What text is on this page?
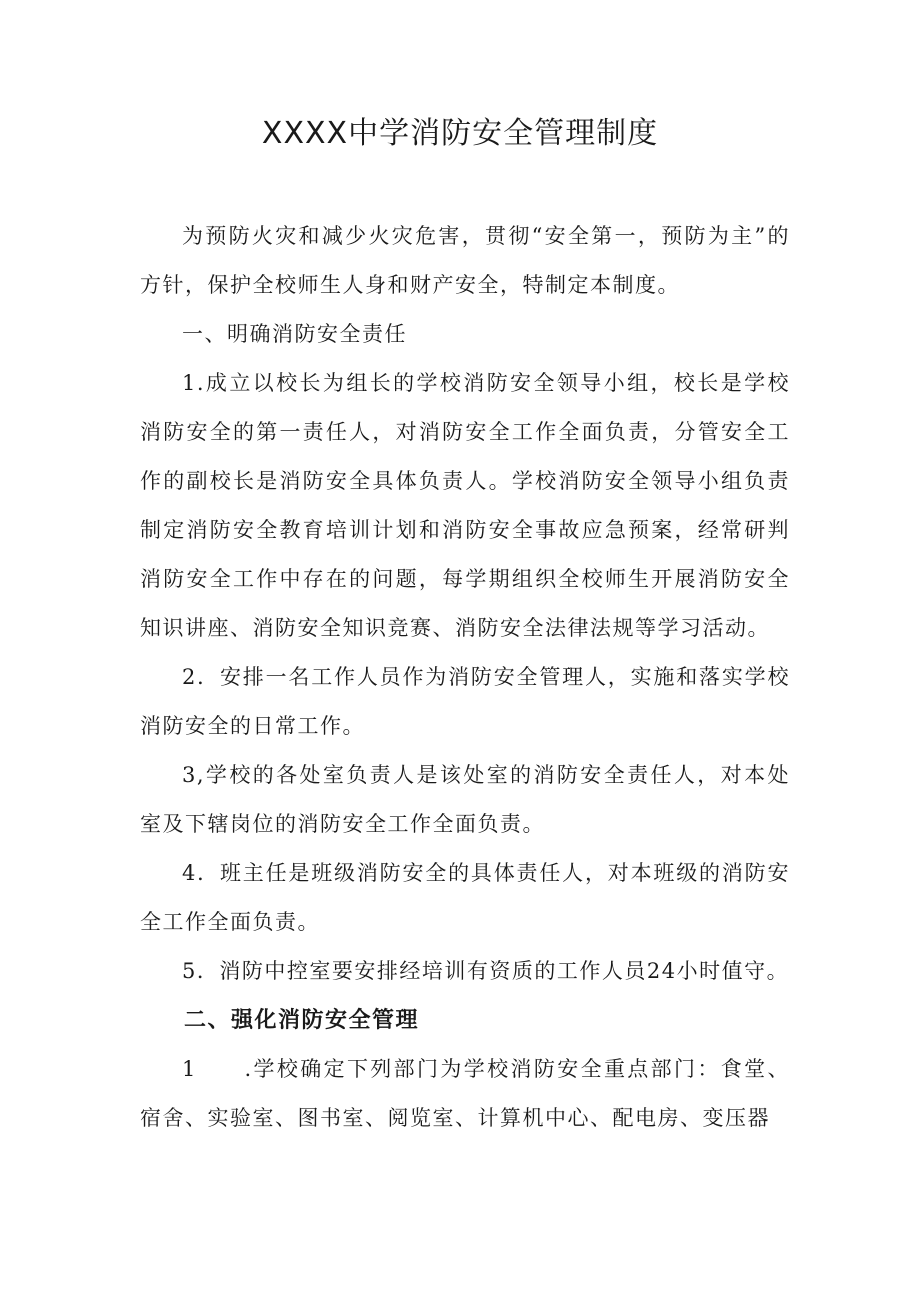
XXXX中学消防安全管理制度

为预防火灾和减少火灾危害，贯彻“安全第一，预防为主”的方针，保护全校师生人身和财产安全，特制定本制度。

一、明确消防安全责任

1.成立以校长为组长的学校消防安全领导小组，校长是学校消防安全的第一责任人，对消防安全工作全面负责，分管安全工作的副校长是消防安全具体负责人。学校消防安全领导小组负责制定消防安全教育培训计划和消防安全事故应急预案，经常研判消防安全工作中存在的问题，每学期组织全校师生开展消防安全知识讲座、消防安全知识竞赛、消防安全法律法规等学习活动。

2．安排一名工作人员作为消防安全管理人，实施和落实学校消防安全的日常工作。

3,学校的各处室负责人是该处室的消防安全责任人，对本处室及下辖岗位的消防安全工作全面负责。

4．班主任是班级消防安全的具体责任人，对本班级的消防安全工作全面负责。

5．消防中控室要安排经培训有资质的工作人员24小时值守。

二、强化消防安全管理

1　　.学校确定下列部门为学校消防安全重点部门：食堂、宿舍、实验室、图书室、阅览室、计算机中心、配电房、变压器
